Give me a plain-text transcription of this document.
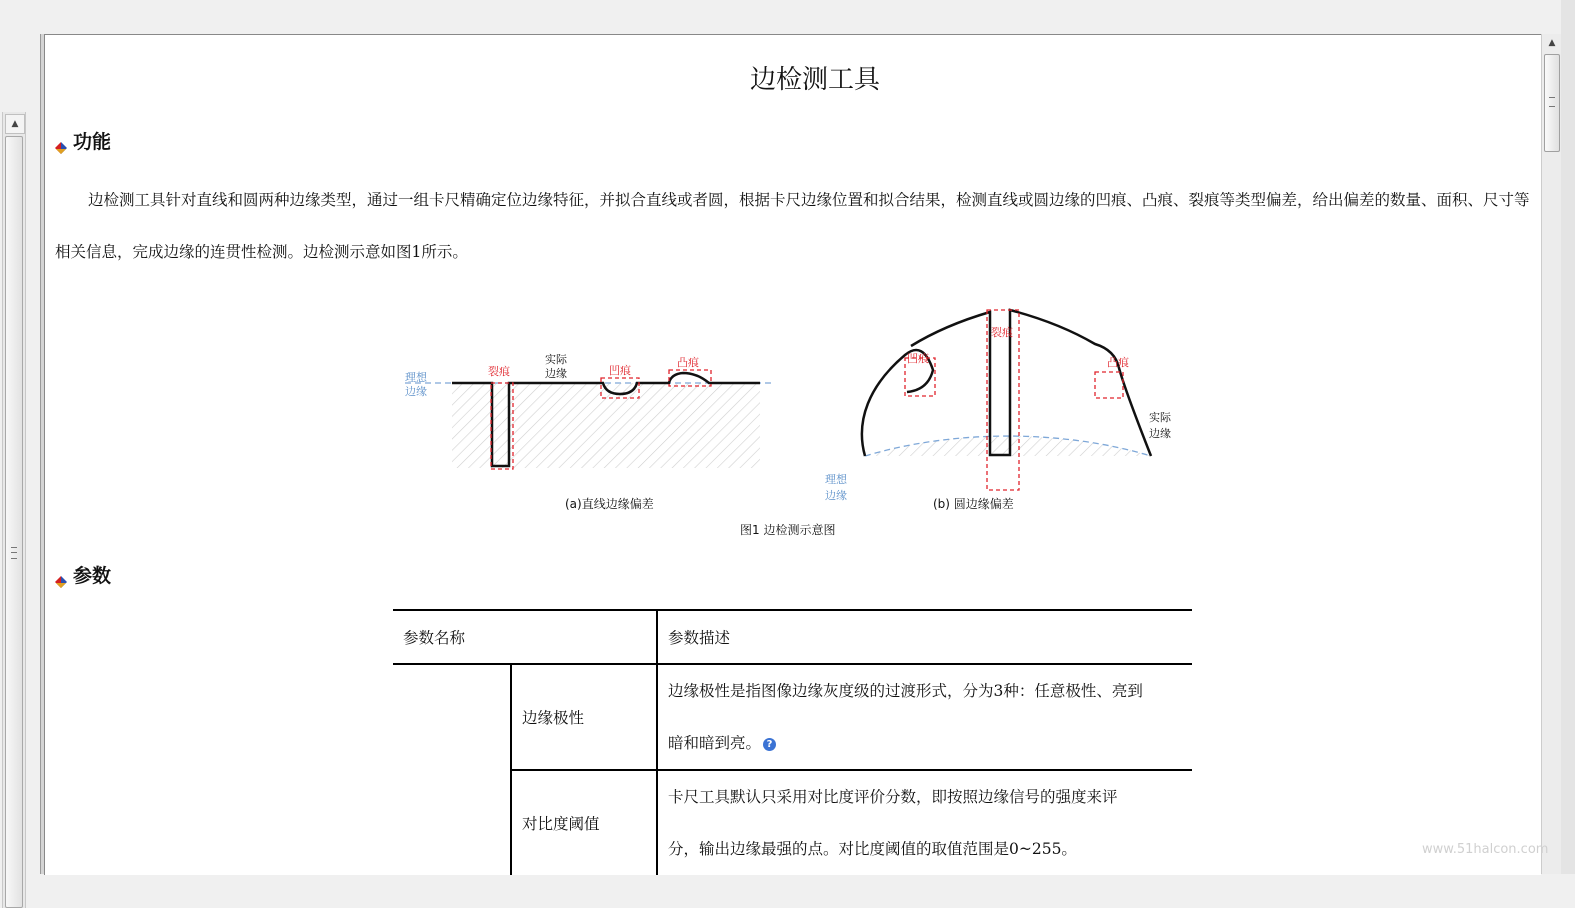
▲
边检测工具
功能
边检测工具针对直线和圆两种边缘类型，通过一组卡尺精确定位边缘特征，并拟合直线或者圆，根据卡尺边缘位置和拟合结果，检测直线或圆边缘的凹痕、凸痕、裂痕等类型偏差，给出偏差的数量、面积、尺寸等相关信息，完成边缘的连贯性检测。边检测示意如图1所示。
理想
边缘
实际
边缘
裂痕	凹痕
凸痕
(a)直线边缘偏差
凹痕
裂痕
凸痕
实际
边缘
理想
边缘
(b) 圆边缘偏差
图1 边检测示意图
参数
参数名称		参数描述
	边缘极性	边缘极性是指图像边缘灰度级的过渡形式，分为3种：任意极性、亮到
暗和暗到亮。 ?

	对比度阈值	卡尺工具默认只采用对比度评价分数，即按照边缘信号的强度来评
分，输出边缘最强的点。对比度阈值的取值范围是0~255。
▲
www.51halcon.com
